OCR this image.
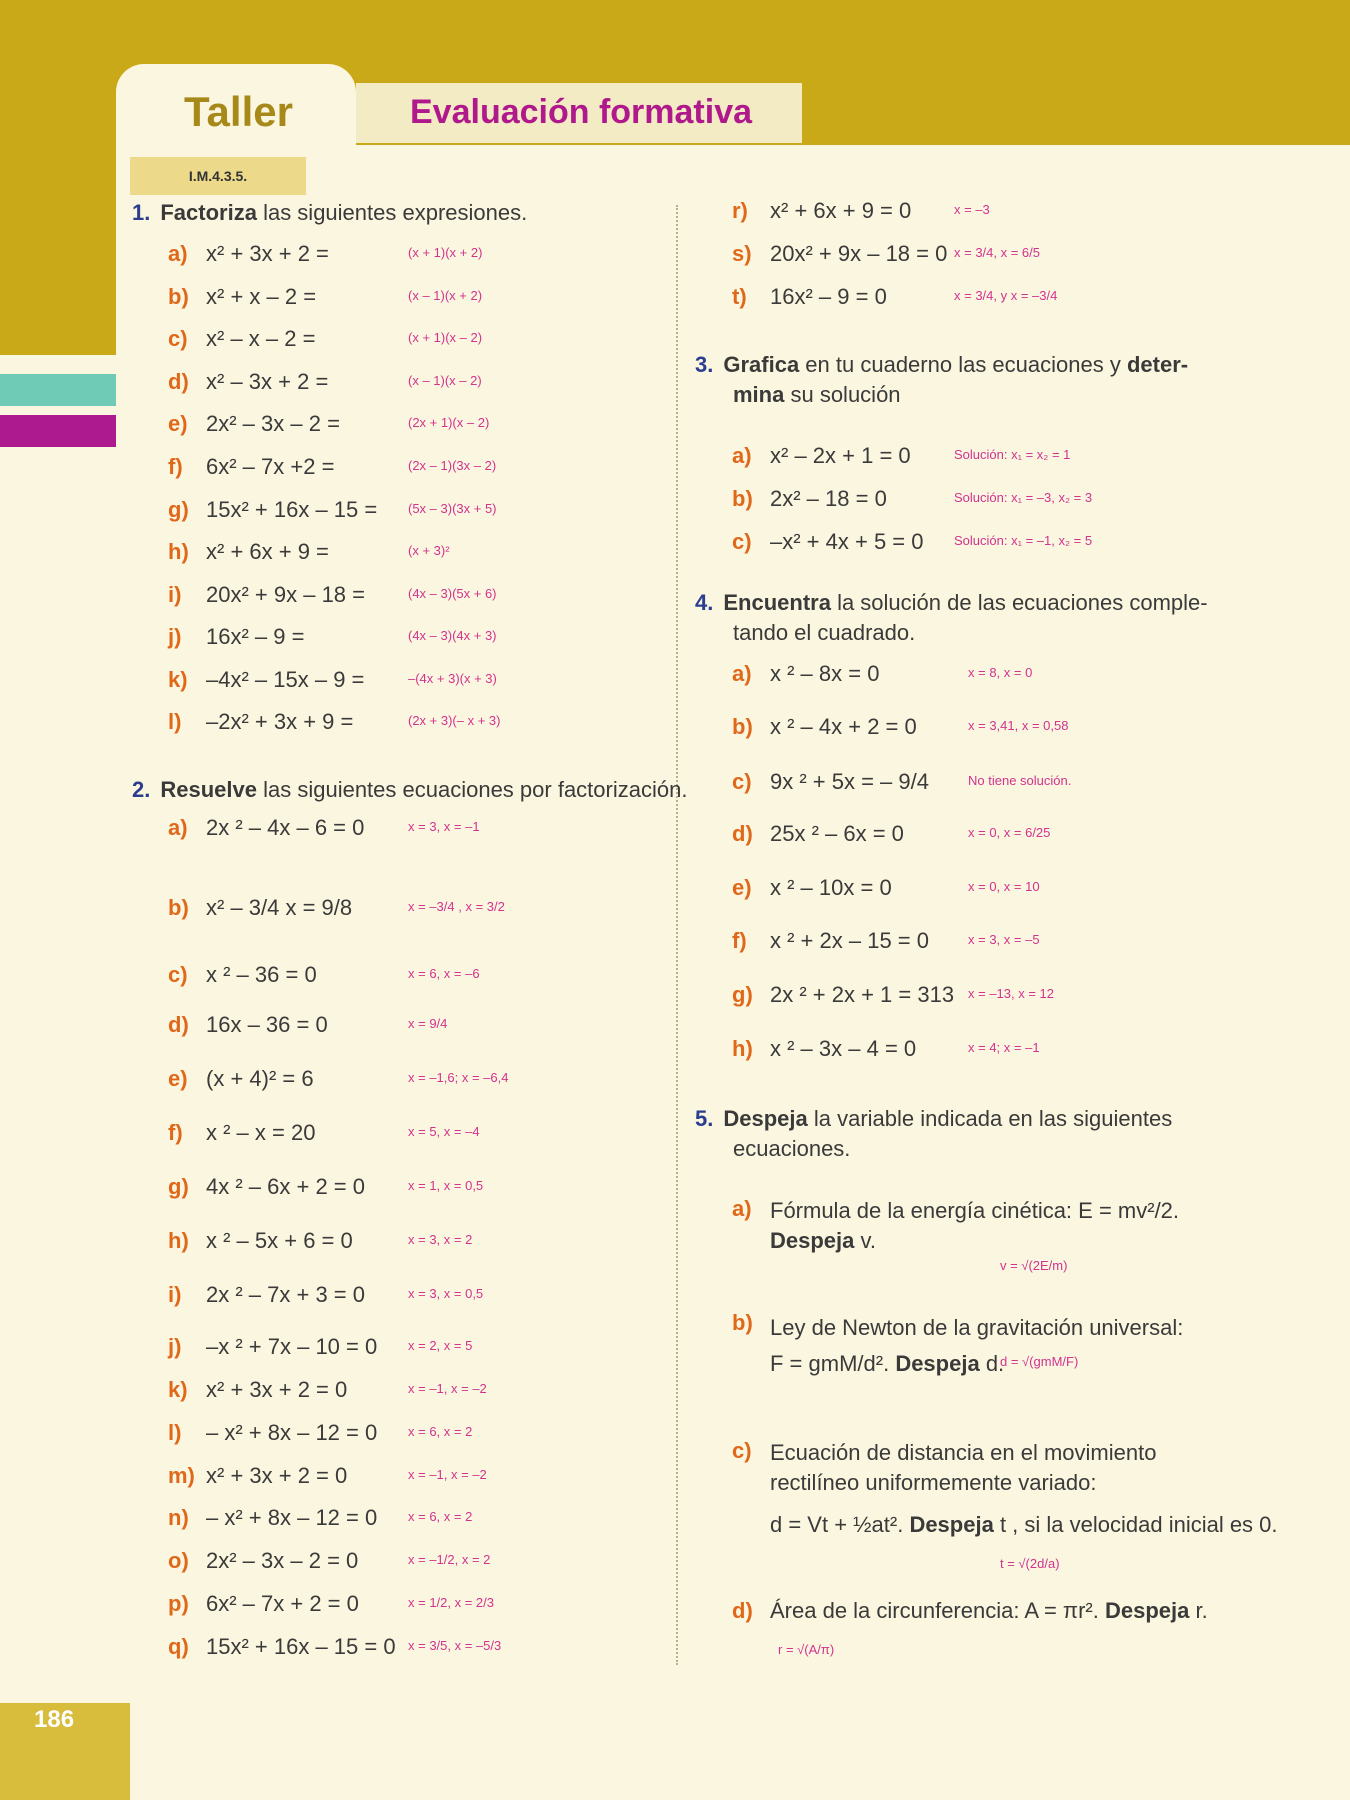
Taller	Evaluación formativa
I.M.4.3.5.
1. Factoriza las siguientes expresiones.
a) x² + 3x + 2 =	(x + 1)(x + 2)
b) x² + x – 2 =	(x – 1)(x + 2)
c) x² – x – 2 =	(x + 1)(x – 2)
d) x² – 3x + 2 =	(x – 1)(x – 2)
e) 2x² – 3x – 2 =	(2x + 1)(x – 2)
f) 6x² – 7x +2 =	(2x – 1)(3x – 2)
g) 15x² + 16x – 15 = (5x – 3)(3x + 5)
h) x² + 6x + 9 =	(x + 3)²
i) 20x² + 9x – 18 =	(4x – 3)(5x + 6)
j) 16x² – 9 =	(4x – 3)(4x + 3)
k) –4x² – 15x – 9 =	–(4x + 3)(x + 3)
l) –2x² + 3x + 9 =	(2x + 3)(– x + 3)
2. Resuelve las siguientes ecuaciones por factorización.
a) 2x ² – 4x – 6 = 0	x = 3, x = –1
b) x² – 3/4 x = 9/8	x = –3/4 , x = 3/2
c) x ² – 36 = 0	x = 6, x = –6
d) 16x – 36 = 0	x = 9/4
e) (x + 4)² = 6	x = –1,6; x = –6,4
f) x ² – x = 20	x = 5, x = –4
g) 4x ² – 6x + 2 = 0	x = 1, x = 0,5
h) x ² – 5x + 6 = 0	x = 3, x = 2
i) 2x ² – 7x + 3 = 0	x = 3, x = 0,5
j) –x ² + 7x – 10 = 0 x = 2, x = 5
k) x² + 3x + 2 = 0	x = –1, x = –2
l) – x² + 8x – 12 = 0 x = 6, x = 2
m) x² + 3x + 2 = 0	x = –1, x = –2
n) – x² + 8x – 12 = 0 x = 6, x = 2
o) 2x² – 3x – 2 = 0	x = –1/2, x = 2
p) 6x² – 7x + 2 = 0	x = 1/2, x = 2/3
q) 15x² + 16x – 15 = 0 x = 3/5, x = –5/3
r) x² + 6x + 9 = 0	x = –3
s) 20x² + 9x – 18 = 0 x = 3/4, x = 6/5
t) 16x² – 9 = 0	x = 3/4, y x = –3/4
3. Grafica en tu cuaderno las ecuaciones y deter-
mina su solución
a) x² – 2x + 1 = 0	Solución: x₁ = x₂ = 1
b) 2x² – 18 = 0	Solución: x₁ = –3, x₂ = 3
c) –x² + 4x + 5 = 0 Solución: x₁ = –1, x₂ = 5
4. Encuentra la solución de las ecuaciones comple-
tando el cuadrado.
a) x ² – 8x = 0	x = 8, x = 0
b) x ² – 4x + 2 = 0	x = 3,41, x = 0,58
c) 9x ² + 5x = – 9/4	No tiene solución.
d) 25x ² – 6x = 0	x = 0, x = 6/25
e) x ² – 10x = 0	x = 0, x = 10
f) x ² + 2x – 15 = 0	x = 3, x = –5
g) 2x ² + 2x + 1 = 313 x = –13, x = 12
h) x ² – 3x – 4 = 0	x = 4; x = –1
5. Despeja la variable indicada en las siguientes
ecuaciones.
a) Fórmula de la energía cinética: E = mv²/2.
Despeja v.
v = √(2E/m)
b) Ley de Newton de la gravitación universal:
F = gmM/d². Despeja d.
d = √(gmM/F)
c) Ecuación de distancia en el movimiento
rectilíneo uniformemente variado:
d = Vt + ½at². Despeja t , si la velocidad inicial es 0.
t = √(2d/a)
d) Área de la circunferencia: A = πr². Despeja r.
r = √(A/π)
186
